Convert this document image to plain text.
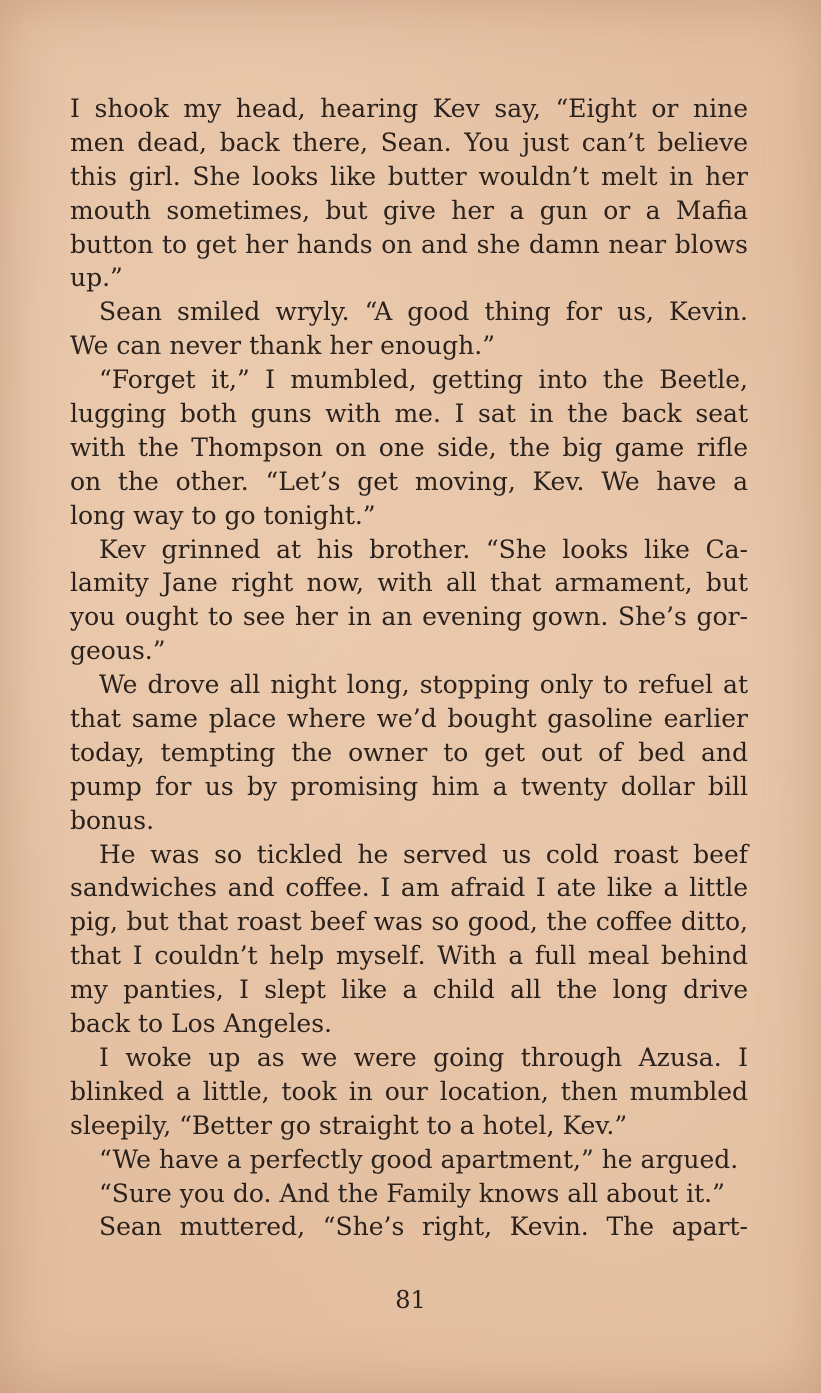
I shook my head, hearing Kev say, “Eight or nine
men dead, back there, Sean. You just can’t believe
this girl. She looks like butter wouldn’t melt in her
mouth sometimes, but give her a gun or a Mafia
button to get her hands on and she damn near blows
up.”
Sean smiled wryly. “A good thing for us, Kevin.
We can never thank her enough.”
“Forget it,” I mumbled, getting into the Beetle,
lugging both guns with me. I sat in the back seat
with the Thompson on one side, the big game rifle
on the other. “Let’s get moving, Kev. We have a
long way to go tonight.”
Kev grinned at his brother. “She looks like Ca-
lamity Jane right now, with all that armament, but
you ought to see her in an evening gown. She’s gor-
geous.”
We drove all night long, stopping only to refuel at
that same place where we’d bought gasoline earlier
today, tempting the owner to get out of bed and
pump for us by promising him a twenty dollar bill
bonus.
He was so tickled he served us cold roast beef
sandwiches and coffee. I am afraid I ate like a little
pig, but that roast beef was so good, the coffee ditto,
that I couldn’t help myself. With a full meal behind
my panties, I slept like a child all the long drive
back to Los Angeles.
I woke up as we were going through Azusa. I
blinked a little, took in our location, then mumbled
sleepily, “Better go straight to a hotel, Kev.”
“We have a perfectly good apartment,” he argued.
“Sure you do. And the Family knows all about it.”
Sean muttered, “She’s right, Kevin. The apart-
81
